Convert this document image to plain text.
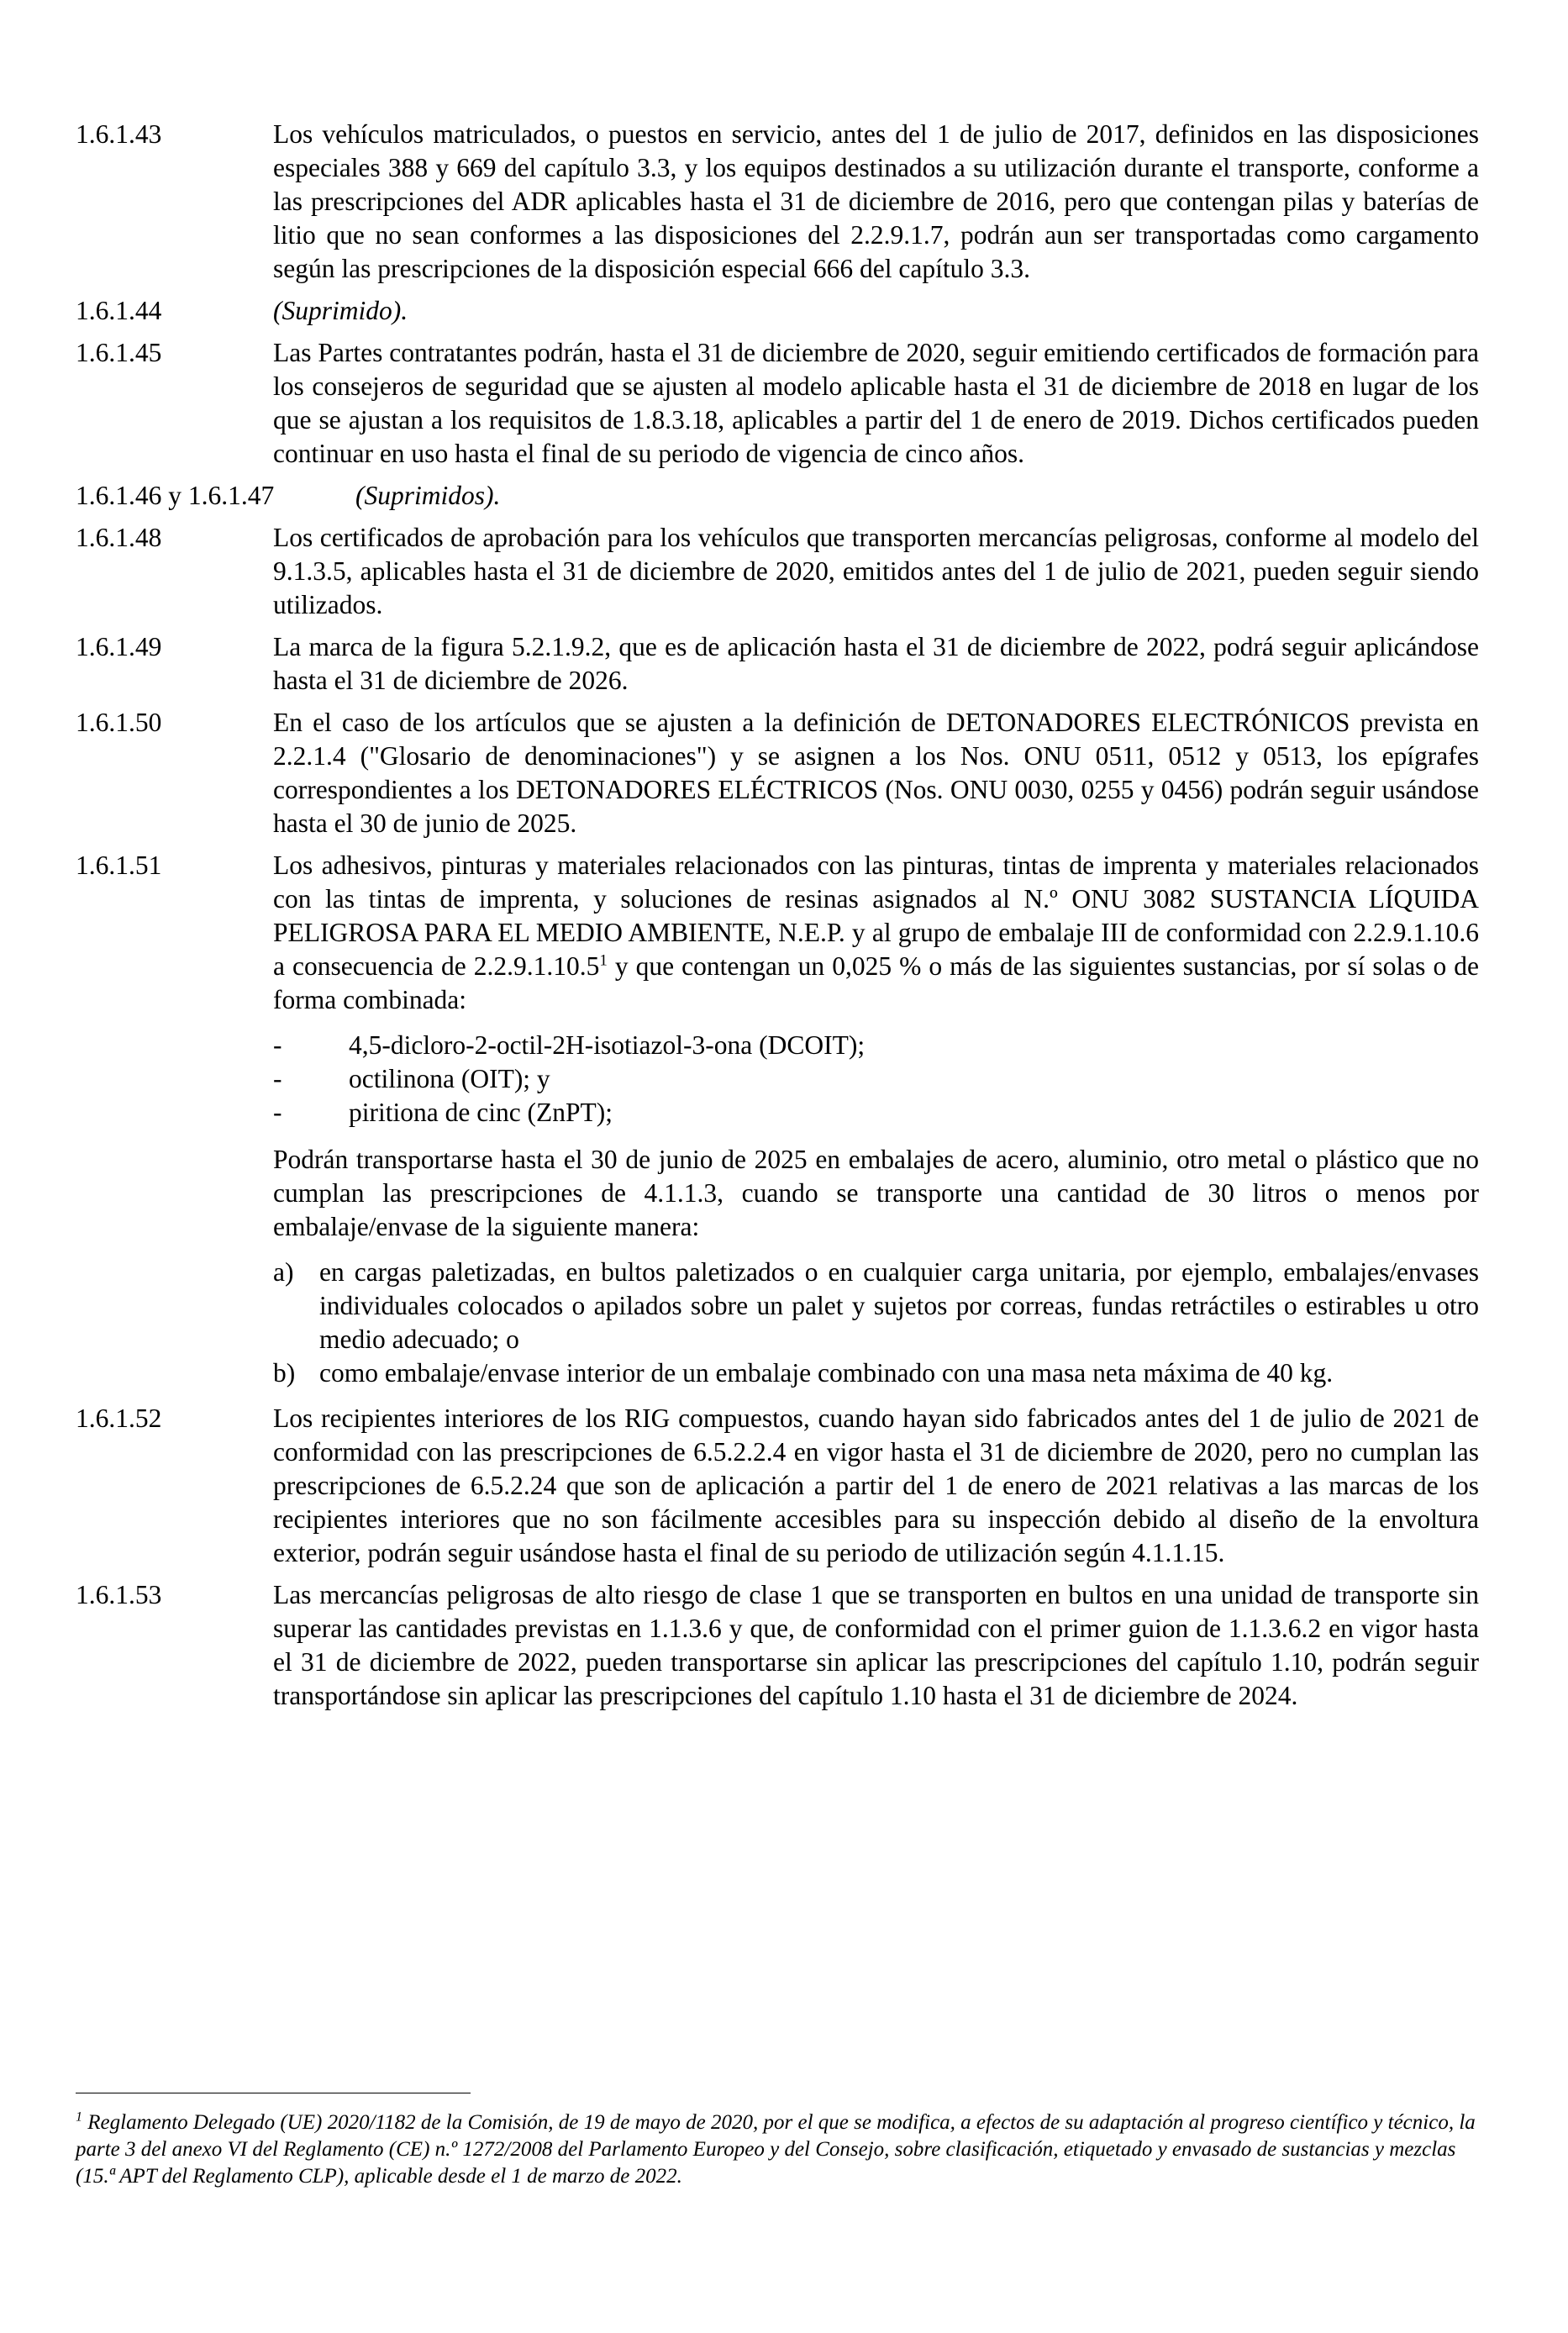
1.6.1.43	Los vehículos matriculados, o puestos en servicio, antes del 1 de julio de 2017, definidos en las disposiciones especiales 388 y 669 del capítulo 3.3, y los equipos destinados a su utilización durante el transporte, conforme a las prescripciones del ADR aplicables hasta el 31 de diciembre de 2016, pero que contengan pilas y baterías de litio que no sean conformes a las disposiciones del 2.2.9.1.7, podrán aun ser transportadas como cargamento según las prescripciones de la disposición especial 666 del capítulo 3.3.
1.6.1.44	(Suprimido).
1.6.1.45	Las Partes contratantes podrán, hasta el 31 de diciembre de 2020, seguir emitiendo certificados de formación para los consejeros de seguridad que se ajusten al modelo aplicable hasta el 31 de diciembre de 2018 en lugar de los que se ajustan a los requisitos de 1.8.3.18, aplicables a partir del 1 de enero de 2019. Dichos certificados pueden continuar en uso hasta el final de su periodo de vigencia de cinco años.
1.6.1.46 y 1.6.1.47	(Suprimidos).
1.6.1.48	Los certificados de aprobación para los vehículos que transporten mercancías peligrosas, conforme al modelo del 9.1.3.5, aplicables hasta el 31 de diciembre de 2020, emitidos antes del 1 de julio de 2021, pueden seguir siendo utilizados.
1.6.1.49	La marca de la figura 5.2.1.9.2, que es de aplicación hasta el 31 de diciembre de 2022, podrá seguir aplicándose hasta el 31 de diciembre de 2026.
1.6.1.50	En el caso de los artículos que se ajusten a la definición de DETONADORES ELECTRÓNICOS prevista en 2.2.1.4 ("Glosario de denominaciones") y se asignen a los Nos. ONU 0511, 0512 y 0513, los epígrafes correspondientes a los DETONADORES ELÉCTRICOS (Nos. ONU 0030, 0255 y 0456) podrán seguir usándose hasta el 30 de junio de 2025.
1.6.1.51	Los adhesivos, pinturas y materiales relacionados con las pinturas, tintas de imprenta y materiales relacionados con las tintas de imprenta, y soluciones de resinas asignados al N.º ONU 3082 SUSTANCIA LÍQUIDA PELIGROSA PARA EL MEDIO AMBIENTE, N.E.P. y al grupo de embalaje III de conformidad con 2.2.9.1.10.6 a consecuencia de 2.2.9.1.10.5$^1$ y que contengan un 0,025 % o más de las siguientes sustancias, por sí solas o de forma combinada:

-	4,5-dicloro-2-octil-2H-isotiazol-3-ona (DCOIT);
-	octilinona (OIT); y
-	piritiona de cinc (ZnPT);

Podrán transportarse hasta el 30 de junio de 2025 en embalajes de acero, aluminio, otro metal o plástico que no cumplan las prescripciones de 4.1.1.3, cuando se transporte una cantidad de 30 litros o menos por embalaje/envase de la siguiente manera:

a) en cargas paletizadas, en bultos paletizados o en cualquier carga unitaria, por ejemplo, embalajes/envases individuales colocados o apilados sobre un palet y sujetos por correas, fundas retráctiles o estirables u otro medio adecuado; o
b) como embalaje/envase interior de un embalaje combinado con una masa neta máxima de 40 kg.
1.6.1.52	Los recipientes interiores de los RIG compuestos, cuando hayan sido fabricados antes del 1 de julio de 2021 de conformidad con las prescripciones de 6.5.2.2.4 en vigor hasta el 31 de diciembre de 2020, pero no cumplan las prescripciones de 6.5.2.24 que son de aplicación a partir del 1 de enero de 2021 relativas a las marcas de los recipientes interiores que no son fácilmente accesibles para su inspección debido al diseño de la envoltura exterior, podrán seguir usándose hasta el final de su periodo de utilización según 4.1.1.15.
1.6.1.53	Las mercancías peligrosas de alto riesgo de clase 1 que se transporten en bultos en una unidad de transporte sin superar las cantidades previstas en 1.1.3.6 y que, de conformidad con el primer guion de 1.1.3.6.2 en vigor hasta el 31 de diciembre de 2022, pueden transportarse sin aplicar las prescripciones del capítulo 1.10, podrán seguir transportándose sin aplicar las prescripciones del capítulo 1.10 hasta el 31 de diciembre de 2024.
$^1$ Reglamento Delegado (UE) 2020/1182 de la Comisión, de 19 de mayo de 2020, por el que se modifica, a efectos de su adaptación al progreso científico y técnico, la parte 3 del anexo VI del Reglamento (CE) n.º 1272/2008 del Parlamento Europeo y del Consejo, sobre clasificación, etiquetado y envasado de sustancias y mezclas (15.ª APT del Reglamento CLP), aplicable desde el 1 de marzo de 2022.
